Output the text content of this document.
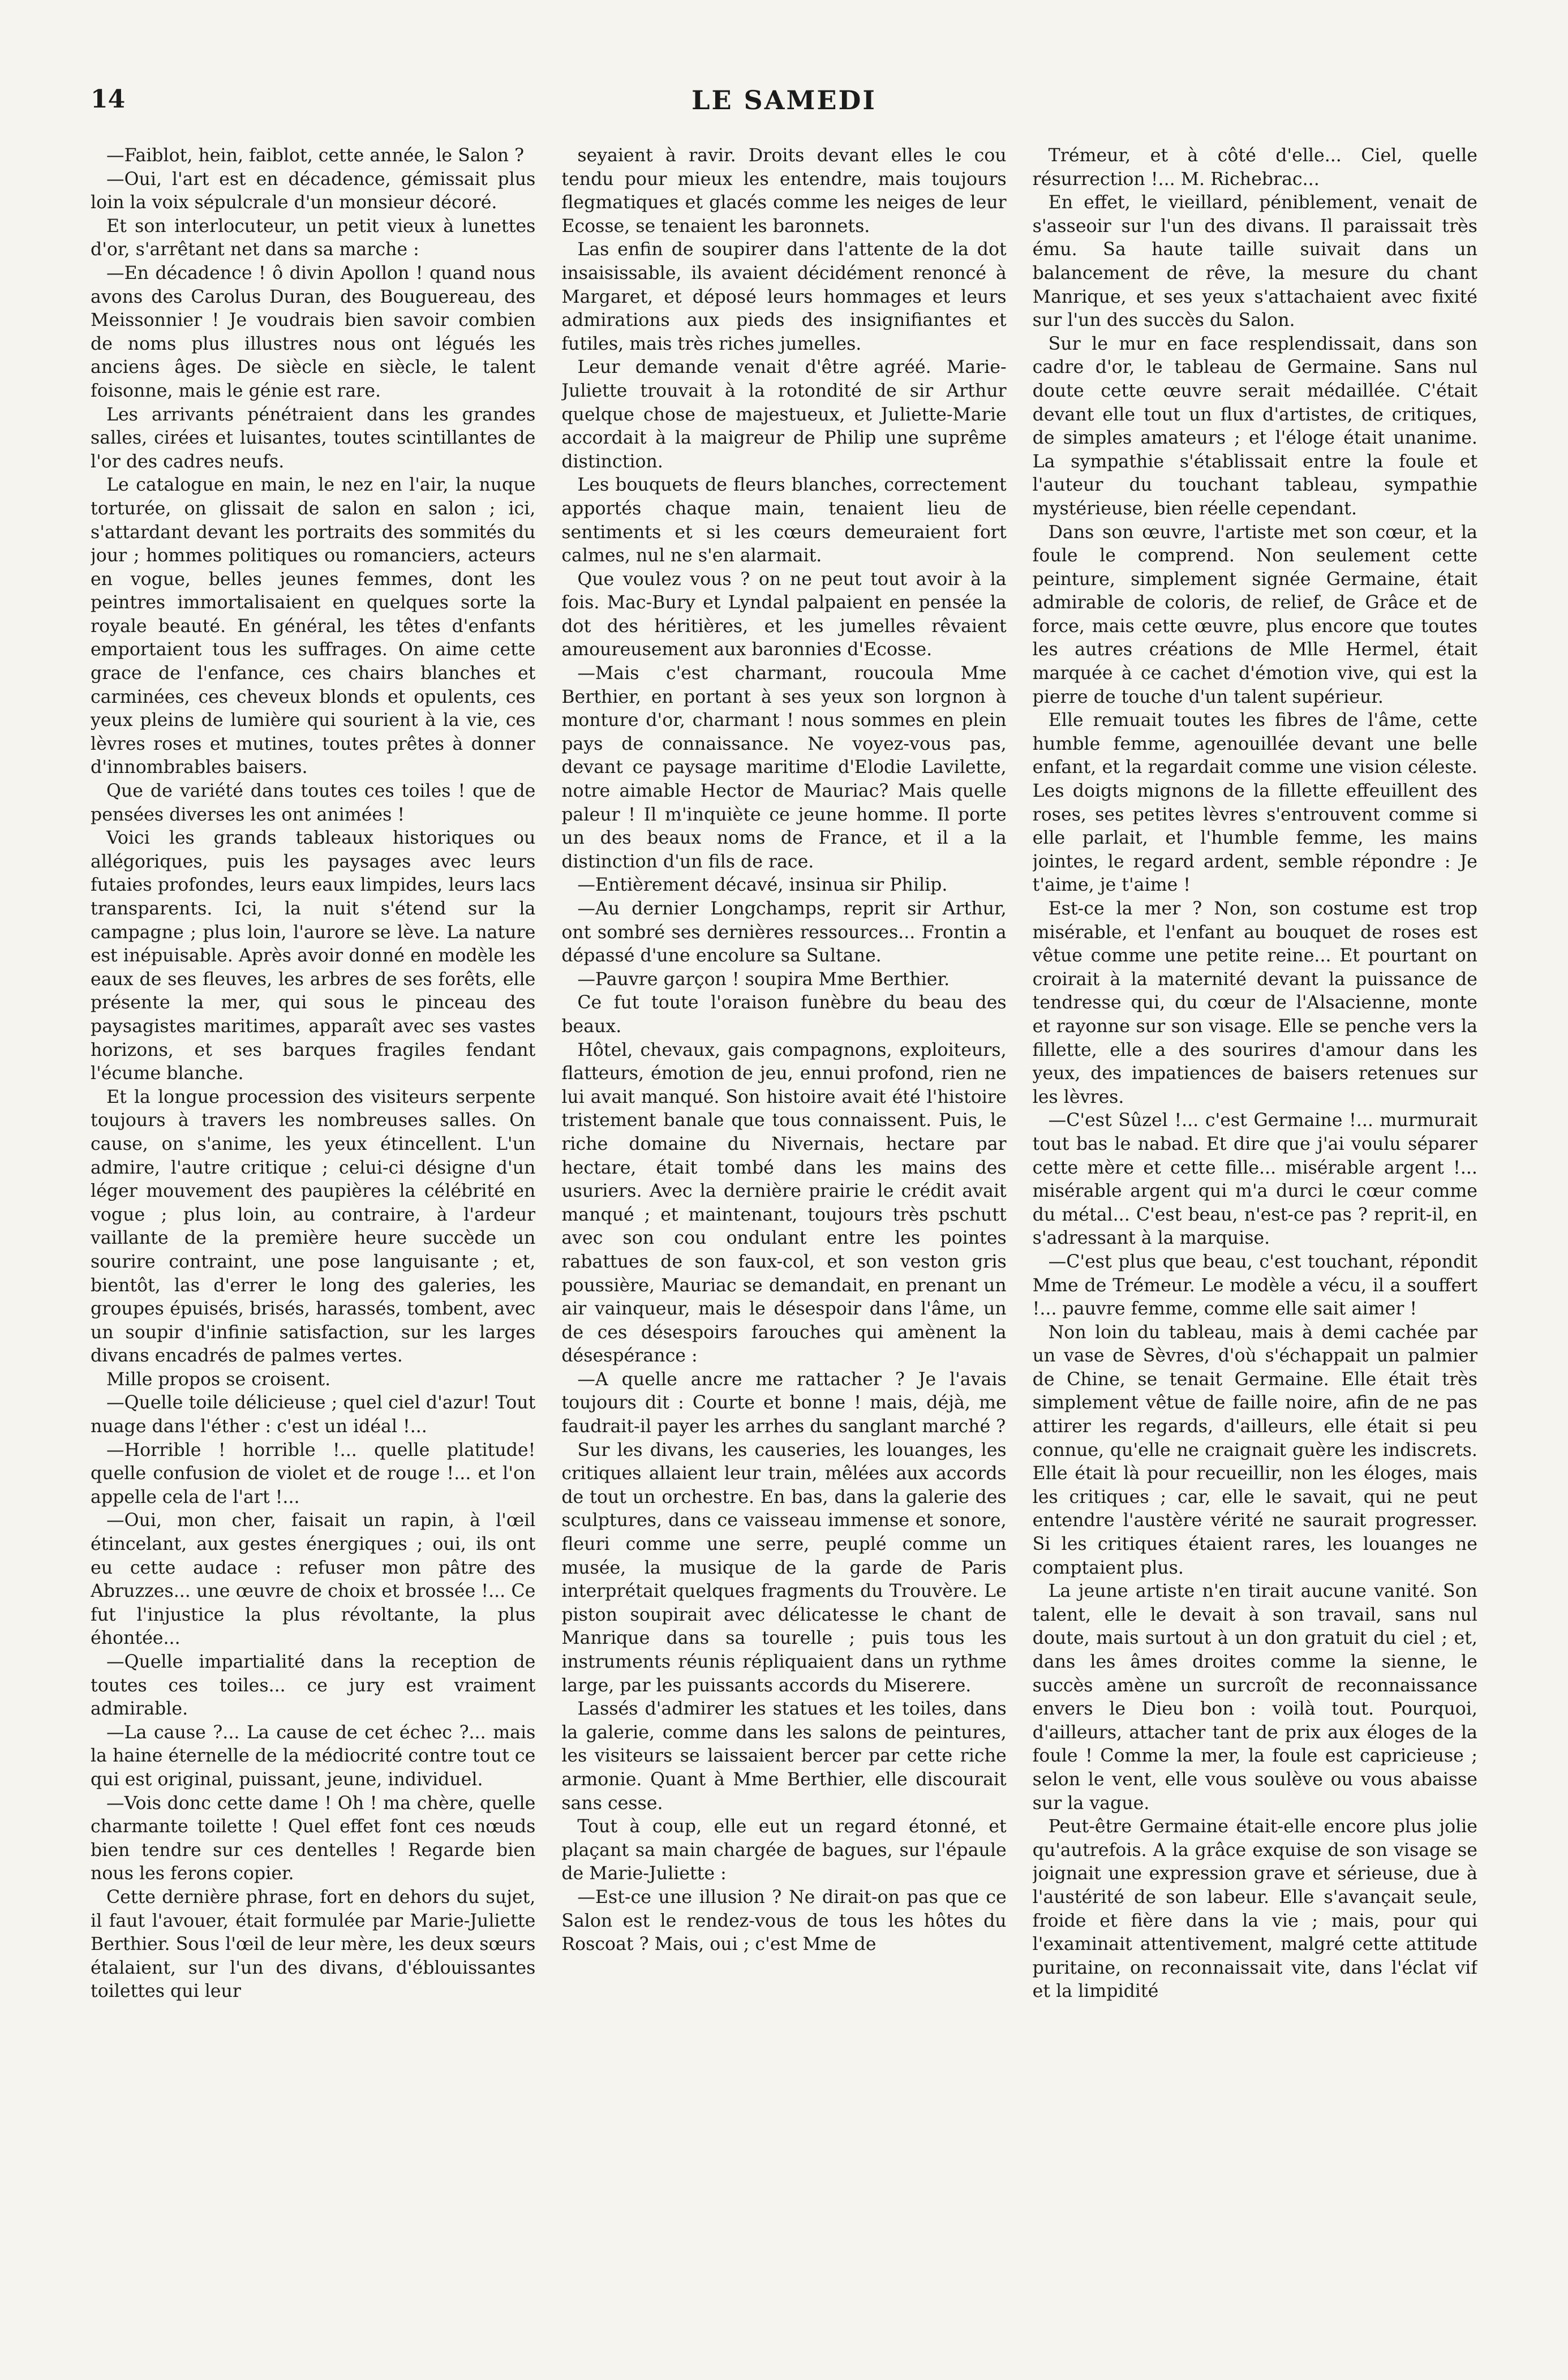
14	LE SAMEDI

—Faiblot, hein, faiblot, cette année, le Salon ?

—Oui, l'art est en décadence, gémissait plus loin la voix sépulcrale d'un monsieur décoré.

Et son interlocuteur, un petit vieux à lunettes d'or, s'arrêtant net dans sa marche :

—En décadence ! ô divin Apollon ! quand nous avons des Carolus Duran, des Bouguereau, des Meissonnier ! Je voudrais bien savoir combien de noms plus illustres nous ont légués les anciens âges. De siècle en siècle, le talent foisonne, mais le génie est rare.

Les arrivants pénétraient dans les grandes salles, cirées et luisantes, toutes scintillantes de l'or des cadres neufs.

Le catalogue en main, le nez en l'air, la nuque torturée, on glissait de salon en salon ; ici, s'attardant devant les portraits des sommités du jour ; hommes politiques ou romanciers, acteurs en vogue, belles jeunes femmes, dont les peintres immortalisaient en quelques sorte la royale beauté. En général, les têtes d'enfants emportaient tous les suffrages. On aime cette grace de l'enfance, ces chairs blanches et carminées, ces cheveux blonds et opulents, ces yeux pleins de lumière qui sourient à la vie, ces lèvres roses et mutines, toutes prêtes à donner d'innombrables baisers.

Que de variété dans toutes ces toiles ! que de pensées diverses les ont animées !

Voici les grands tableaux historiques ou allégoriques, puis les paysages avec leurs futaies profondes, leurs eaux limpides, leurs lacs transparents. Ici, la nuit s'étend sur la campagne ; plus loin, l'aurore se lève. La nature est inépuisable. Après avoir donné en modèle les eaux de ses fleuves, les arbres de ses forêts, elle présente la mer, qui sous le pinceau des paysagistes maritimes, apparaît avec ses vastes horizons, et ses barques fragiles fendant l'écume blanche.

Et la longue procession des visiteurs serpente toujours à travers les nombreuses salles. On cause, on s'anime, les yeux étincellent. L'un admire, l'autre critique ; celui-ci désigne d'un léger mouvement des paupières la célébrité en vogue ; plus loin, au contraire, à l'ardeur vaillante de la première heure succède un sourire contraint, une pose languisante ; et, bientôt, las d'errer le long des galeries, les groupes épuisés, brisés, harassés, tombent, avec un soupir d'infinie satisfaction, sur les larges divans encadrés de palmes vertes.

Mille propos se croisent.

—Quelle toile délicieuse ; quel ciel d'azur! Tout nuage dans l'éther : c'est un idéal !...

—Horrible ! horrible !... quelle platitude! quelle confusion de violet et de rouge !... et l'on appelle cela de l'art !...

—Oui, mon cher, faisait un rapin, à l'œil étincelant, aux gestes énergiques ; oui, ils ont eu cette audace : refuser mon pâtre des Abruzzes... une œuvre de choix et brossée !... Ce fut l'injustice la plus révoltante, la plus éhontée...

—Quelle impartialité dans la reception de toutes ces toiles... ce jury est vraiment admirable.

—La cause ?... La cause de cet échec ?... mais la haine éternelle de la médiocrité contre tout ce qui est original, puissant, jeune, individuel.

—Vois donc cette dame ! Oh ! ma chère, quelle charmante toilette ! Quel effet font ces nœuds bien tendre sur ces dentelles ! Regarde bien nous les ferons copier.

Cette dernière phrase, fort en dehors du sujet, il faut l'avouer, était formulée par Marie-Juliette Berthier. Sous l'œil de leur mère, les deux sœurs étalaient, sur l'un des divans, d'éblouissantes toilettes qui leur

seyaient à ravir. Droits devant elles le cou tendu pour mieux les entendre, mais toujours flegmatiques et glacés comme les neiges de leur Ecosse, se tenaient les baronnets.

Las enfin de soupirer dans l'attente de la dot insaisissable, ils avaient décidément renoncé à Margaret, et déposé leurs hommages et leurs admirations aux pieds des insignifiantes et futiles, mais très riches jumelles.

Leur demande venait d'être agréé. Marie-Juliette trouvait à la rotondité de sir Arthur quelque chose de majestueux, et Juliette-Marie accordait à la maigreur de Philip une suprême distinction.

Les bouquets de fleurs blanches, correctement apportés chaque main, tenaient lieu de sentiments et si les cœurs demeuraient fort calmes, nul ne s'en alarmait.

Que voulez vous ? on ne peut tout avoir à la fois. Mac-Bury et Lyndal palpaient en pensée la dot des héritières, et les jumelles rêvaient amoureusement aux baronnies d'Ecosse.

—Mais c'est charmant, roucoula Mme Berthier, en portant à ses yeux son lorgnon à monture d'or, charmant ! nous sommes en plein pays de connaissance. Ne voyez-vous pas, devant ce paysage maritime d'Elodie Lavilette, notre aimable Hector de Mauriac? Mais quelle paleur ! Il m'inquiète ce jeune homme. Il porte un des beaux noms de France, et il a la distinction d'un fils de race.

—Entièrement décavé, insinua sir Philip.

—Au dernier Longchamps, reprit sir Arthur, ont sombré ses dernières ressources... Frontin a dépassé d'une encolure sa Sultane.

—Pauvre garçon ! soupira Mme Berthier.

Ce fut toute l'oraison funèbre du beau des beaux.

Hôtel, chevaux, gais compagnons, exploiteurs, flatteurs, émotion de jeu, ennui profond, rien ne lui avait manqué. Son histoire avait été l'histoire tristement banale que tous connaissent. Puis, le riche domaine du Nivernais, hectare par hectare, était tombé dans les mains des usuriers. Avec la dernière prairie le crédit avait manqué ; et maintenant, toujours très pschutt avec son cou ondulant entre les pointes rabattues de son faux-col, et son veston gris poussière, Mauriac se demandait, en prenant un air vainqueur, mais le désespoir dans l'âme, un de ces désespoirs farouches qui amènent la désespérance :

—A quelle ancre me rattacher ? Je l'avais toujours dit : Courte et bonne ! mais, déjà, me faudrait-il payer les arrhes du sanglant marché ?

Sur les divans, les causeries, les louanges, les critiques allaient leur train, mêlées aux accords de tout un orchestre. En bas, dans la galerie des sculptures, dans ce vaisseau immense et sonore, fleuri comme une serre, peuplé comme un musée, la musique de la garde de Paris interprétait quelques fragments du Trouvère. Le piston soupirait avec délicatesse le chant de Manrique dans sa tourelle ; puis tous les instruments réunis répliquaient dans un rythme large, par les puissants accords du Miserere.

Lassés d'admirer les statues et les toiles, dans la galerie, comme dans les salons de peintures, les visiteurs se laissaient bercer par cette riche armonie. Quant à Mme Berthier, elle discourait sans cesse.

Tout à coup, elle eut un regard étonné, et plaçant sa main chargée de bagues, sur l'épaule de Marie-Juliette :

—Est-ce une illusion ? Ne dirait-on pas que ce Salon est le rendez-vous de tous les hôtes du Roscoat ? Mais, oui ; c'est Mme de

Trémeur, et à côté d'elle... Ciel, quelle résurrection !... M. Richebrac...

En effet, le vieillard, péniblement, venait de s'asseoir sur l'un des divans. Il paraissait très ému. Sa haute taille suivait dans un balancement de rêve, la mesure du chant Manrique, et ses yeux s'attachaient avec fixité sur l'un des succès du Salon.

Sur le mur en face resplendissait, dans son cadre d'or, le tableau de Germaine. Sans nul doute cette œuvre serait médaillée. C'était devant elle tout un flux d'artistes, de critiques, de simples amateurs ; et l'éloge était unanime. La sympathie s'établissait entre la foule et l'auteur du touchant tableau, sympathie mystérieuse, bien réelle cependant.

Dans son œuvre, l'artiste met son cœur, et la foule le comprend. Non seulement cette peinture, simplement signée Germaine, était admirable de coloris, de relief, de Grâce et de force, mais cette œuvre, plus encore que toutes les autres créations de Mlle Hermel, était marquée à ce cachet d'émotion vive, qui est la pierre de touche d'un talent supérieur.

Elle remuait toutes les fibres de l'âme, cette humble femme, agenouillée devant une belle enfant, et la regardait comme une vision céleste. Les doigts mignons de la fillette effeuillent des roses, ses petites lèvres s'entrouvent comme si elle parlait, et l'humble femme, les mains jointes, le regard ardent, semble répondre : Je t'aime, je t'aime !

Est-ce la mer ? Non, son costume est trop misérable, et l'enfant au bouquet de roses est vêtue comme une petite reine... Et pourtant on croirait à la maternité devant la puissance de tendresse qui, du cœur de l'Alsacienne, monte et rayonne sur son visage. Elle se penche vers la fillette, elle a des sourires d'amour dans les yeux, des impatiences de baisers retenues sur les lèvres.

—C'est Sûzel !... c'est Germaine !... murmurait tout bas le nabad. Et dire que j'ai voulu séparer cette mère et cette fille... misérable argent !... misérable argent qui m'a durci le cœur comme du métal... C'est beau, n'est-ce pas ? reprit-il, en s'adressant à la marquise.

—C'est plus que beau, c'est touchant, répondit Mme de Trémeur. Le modèle a vécu, il a souffert !... pauvre femme, comme elle sait aimer !

Non loin du tableau, mais à demi cachée par un vase de Sèvres, d'où s'échappait un palmier de Chine, se tenait Germaine. Elle était très simplement vêtue de faille noire, afin de ne pas attirer les regards, d'ailleurs, elle était si peu connue, qu'elle ne craignait guère les indiscrets. Elle était là pour recueillir, non les éloges, mais les critiques ; car, elle le savait, qui ne peut entendre l'austère vérité ne saurait progresser. Si les critiques étaient rares, les louanges ne comptaient plus.

La jeune artiste n'en tirait aucune vanité. Son talent, elle le devait à son travail, sans nul doute, mais surtout à un don gratuit du ciel ; et, dans les âmes droites comme la sienne, le succès amène un surcroît de reconnaissance envers le Dieu bon : voilà tout. Pourquoi, d'ailleurs, attacher tant de prix aux éloges de la foule ! Comme la mer, la foule est capricieuse ; selon le vent, elle vous soulève ou vous abaisse sur la vague.

Peut-être Germaine était-elle encore plus jolie qu'autrefois. A la grâce exquise de son visage se joignait une expression grave et sérieuse, due à l'austérité de son labeur. Elle s'avançait seule, froide et fière dans la vie ; mais, pour qui l'examinait attentivement, malgré cette attitude puritaine, on reconnaissait vite, dans l'éclat vif et la limpidité
